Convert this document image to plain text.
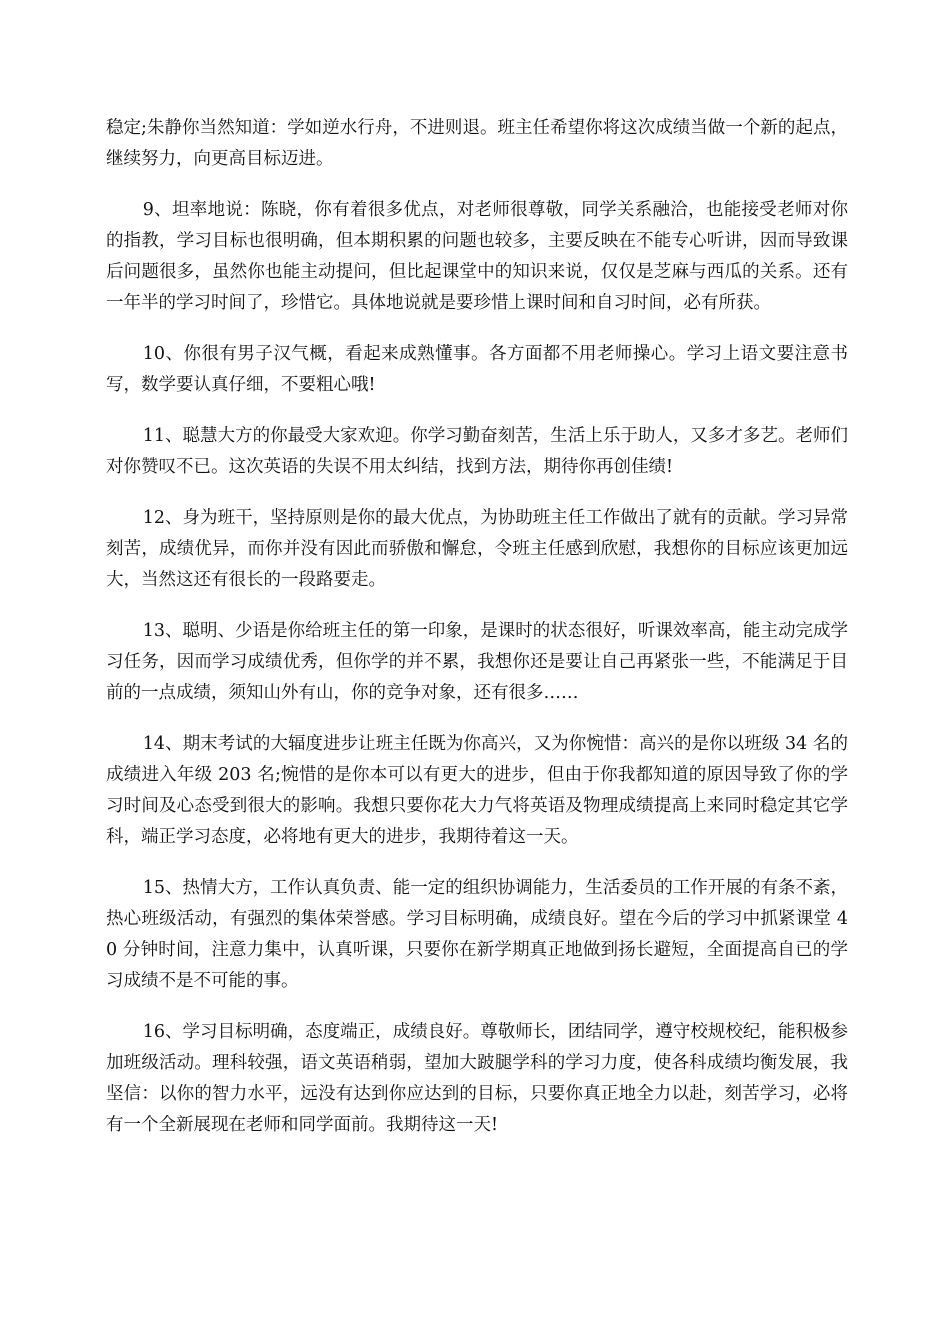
稳定;朱静你当然知道：学如逆水行舟，不进则退。班主任希望你将这次成绩当做一个新的起点，继续努力，向更高目标迈进。

9、坦率地说：陈晓，你有着很多优点，对老师很尊敬，同学关系融洽，也能接受老师对你的指教，学习目标也很明确，但本期积累的问题也较多，主要反映在不能专心听讲，因而导致课后问题很多，虽然你也能主动提问，但比起课堂中的知识来说，仅仅是芝麻与西瓜的关系。还有一年半的学习时间了，珍惜它。具体地说就是要珍惜上课时间和自习时间，必有所获。

10、你很有男子汉气概，看起来成熟懂事。各方面都不用老师操心。学习上语文要注意书写，数学要认真仔细，不要粗心哦!

11、聪慧大方的你最受大家欢迎。你学习勤奋刻苦，生活上乐于助人，又多才多艺。老师们对你赞叹不已。这次英语的失误不用太纠结，找到方法，期待你再创佳绩!

12、身为班干，坚持原则是你的最大优点，为协助班主任工作做出了就有的贡献。学习异常刻苦，成绩优异，而你并没有因此而骄傲和懈怠，令班主任感到欣慰，我想你的目标应该更加远大，当然这还有很长的一段路要走。

13、聪明、少语是你给班主任的第一印象，是课时的状态很好，听课效率高，能主动完成学习任务，因而学习成绩优秀，但你学的并不累，我想你还是要让自己再紧张一些，不能满足于目前的一点成绩，须知山外有山，你的竞争对象，还有很多……

14、期末考试的大辐度进步让班主任既为你高兴，又为你惋惜：高兴的是你以班级 34 名的成绩进入年级 203 名;惋惜的是你本可以有更大的进步，但由于你我都知道的原因导致了你的学习时间及心态受到很大的影响。我想只要你花大力气将英语及物理成绩提高上来同时稳定其它学科，端正学习态度，必将地有更大的进步，我期待着这一天。

15、热情大方，工作认真负责、能一定的组织协调能力，生活委员的工作开展的有条不紊，热心班级活动，有强烈的集体荣誉感。学习目标明确，成绩良好。望在今后的学习中抓紧课堂 40 分钟时间，注意力集中，认真听课，只要你在新学期真正地做到扬长避短，全面提高自已的学习成绩不是不可能的事。

16、学习目标明确，态度端正，成绩良好。尊敬师长，团结同学，遵守校规校纪，能积极参加班级活动。理科较强，语文英语稍弱，望加大跛腿学科的学习力度，使各科成绩均衡发展，我坚信：以你的智力水平，远没有达到你应达到的目标，只要你真正地全力以赴，刻苦学习，必将有一个全新展现在老师和同学面前。我期待这一天!
